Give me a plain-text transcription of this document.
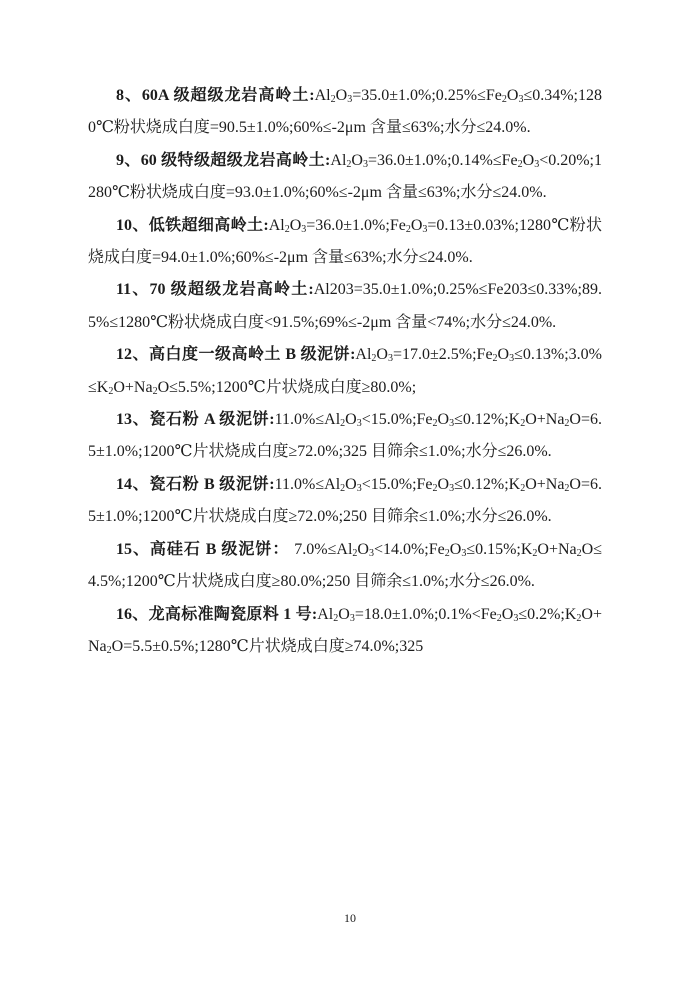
8、60A 级超级龙岩高岭土$:Al_2O_3=35.0\pm 1.0\%;0.25\%\le Fe_2O_3\le 0.34\%;1280℃$粉状烧成白度=90.5±1.0%;60%≤-2μm 含量≤63%;水分≤24.0%.

9、60 级特级超级龙岩高岭土$:Al_2O_3=36.0\pm 1.0\%;0.14\%\le Fe_2O_3<0.20\%;1280℃$粉状烧成白度=93.0±1.0%;60%≤-2μm 含量≤63%;水分≤24.0%.

10、低铁超细高岭土$:Al_2O_3=36.0\pm 1.0\%;Fe_2O_3=0.13\pm 0.03\%;1280℃$粉状烧成白度=94.0±1.0%;60%≤-2μm 含量≤63%;水分≤24.0%.

11、70 级超级龙岩高岭土:Al203=35.0±1.0%;0.25%≤Fe203≤0.33%;89.5%≤1280℃粉状烧成白度<91.5%;69%≤-2μm 含量<74%;水分≤24.0%.

12、高白度一级高岭土 B 级泥饼$:Al_2O_3=17.0\pm 2.5\%;Fe_2O_3\le 0.13\%;3.0\%\le K_2O+Na_2O\le 5.5\%;1200℃$片状烧成白度≥80.0%;

13、瓷石粉 A 级泥饼$:11.0\%\le Al_2O_3<15.0\%;Fe_2O_3\le 0.12\%;K_2O+Na_2O=6.5\pm 1.0\%;1200℃$片状烧成白度≥72.0%;325 目筛余≤1.0%;水分≤26.0%.

14、瓷石粉 B 级泥饼$:11.0\%\le Al_2O_3<15.0\%;Fe_2O_3\le 0.12\%;K_2O+Na_2O=6.5\pm 1.0\%;1200℃$片状烧成白度≥72.0%;250 目筛余≤1.0%;水分≤26.0%.

15、高硅石 B 级泥饼： $7.0\%\le Al_2O_3<14.0\%;Fe_2O_3\le 0.15\%;K_2O+Na_2O\le 4.5\%;1200℃$片状烧成白度≥80.0%;250 目筛余≤1.0%;水分≤26.0%.

16、龙高标准陶瓷原料 1 号$:Al_2O_3=18.0\pm 1.0\%;0.1\%<Fe_2O_3\le 0.2\%;K_2O+Na_2O=5.5\pm 0.5\%;1280℃$片状烧成白度≥74.0%;325

10
